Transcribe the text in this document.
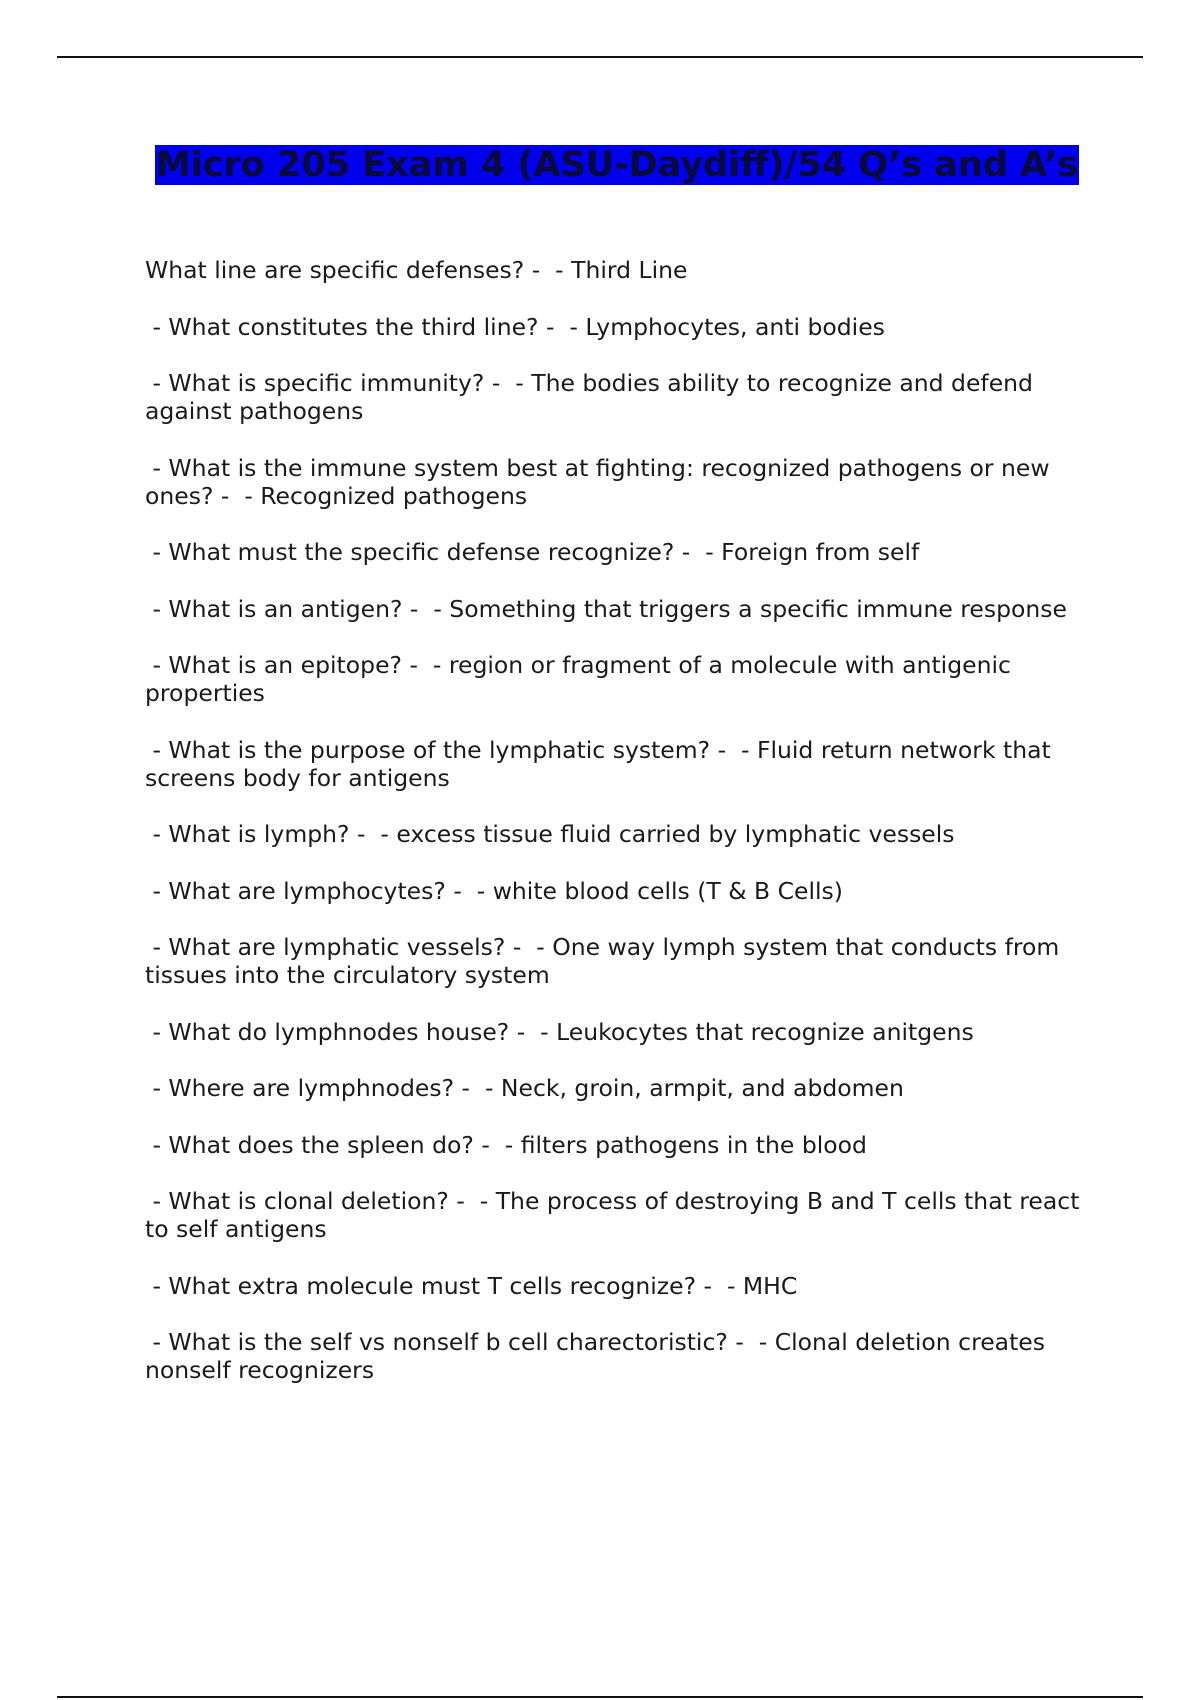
Micro 205 Exam 4 (ASU-Daydiff)/54 Q’s and A’s
What line are specific defenses? -  - Third Line
- What constitutes the third line? -  - Lymphocytes, anti bodies
- What is specific immunity? -  - The bodies ability to recognize and defend against pathogens
- What is the immune system best at fighting: recognized pathogens or new ones? -  - Recognized pathogens
- What must the specific defense recognize? -  - Foreign from self
- What is an antigen? -  - Something that triggers a specific immune response
- What is an epitope? -  - region or fragment of a molecule with antigenic properties
- What is the purpose of the lymphatic system? -  - Fluid return network that screens body for antigens
- What is lymph? -  - excess tissue fluid carried by lymphatic vessels
- What are lymphocytes? -  - white blood cells (T & B Cells)
- What are lymphatic vessels? -  - One way lymph system that conducts from tissues into the circulatory system
- What do lymphnodes house? -  - Leukocytes that recognize anitgens
- Where are lymphnodes? -  - Neck, groin, armpit, and abdomen
- What does the spleen do? -  - filters pathogens in the blood
- What is clonal deletion? -  - The process of destroying B and T cells that react to self antigens
- What extra molecule must T cells recognize? -  - MHC
- What is the self vs nonself b cell charectoristic? -  - Clonal deletion creates nonself recognizers
